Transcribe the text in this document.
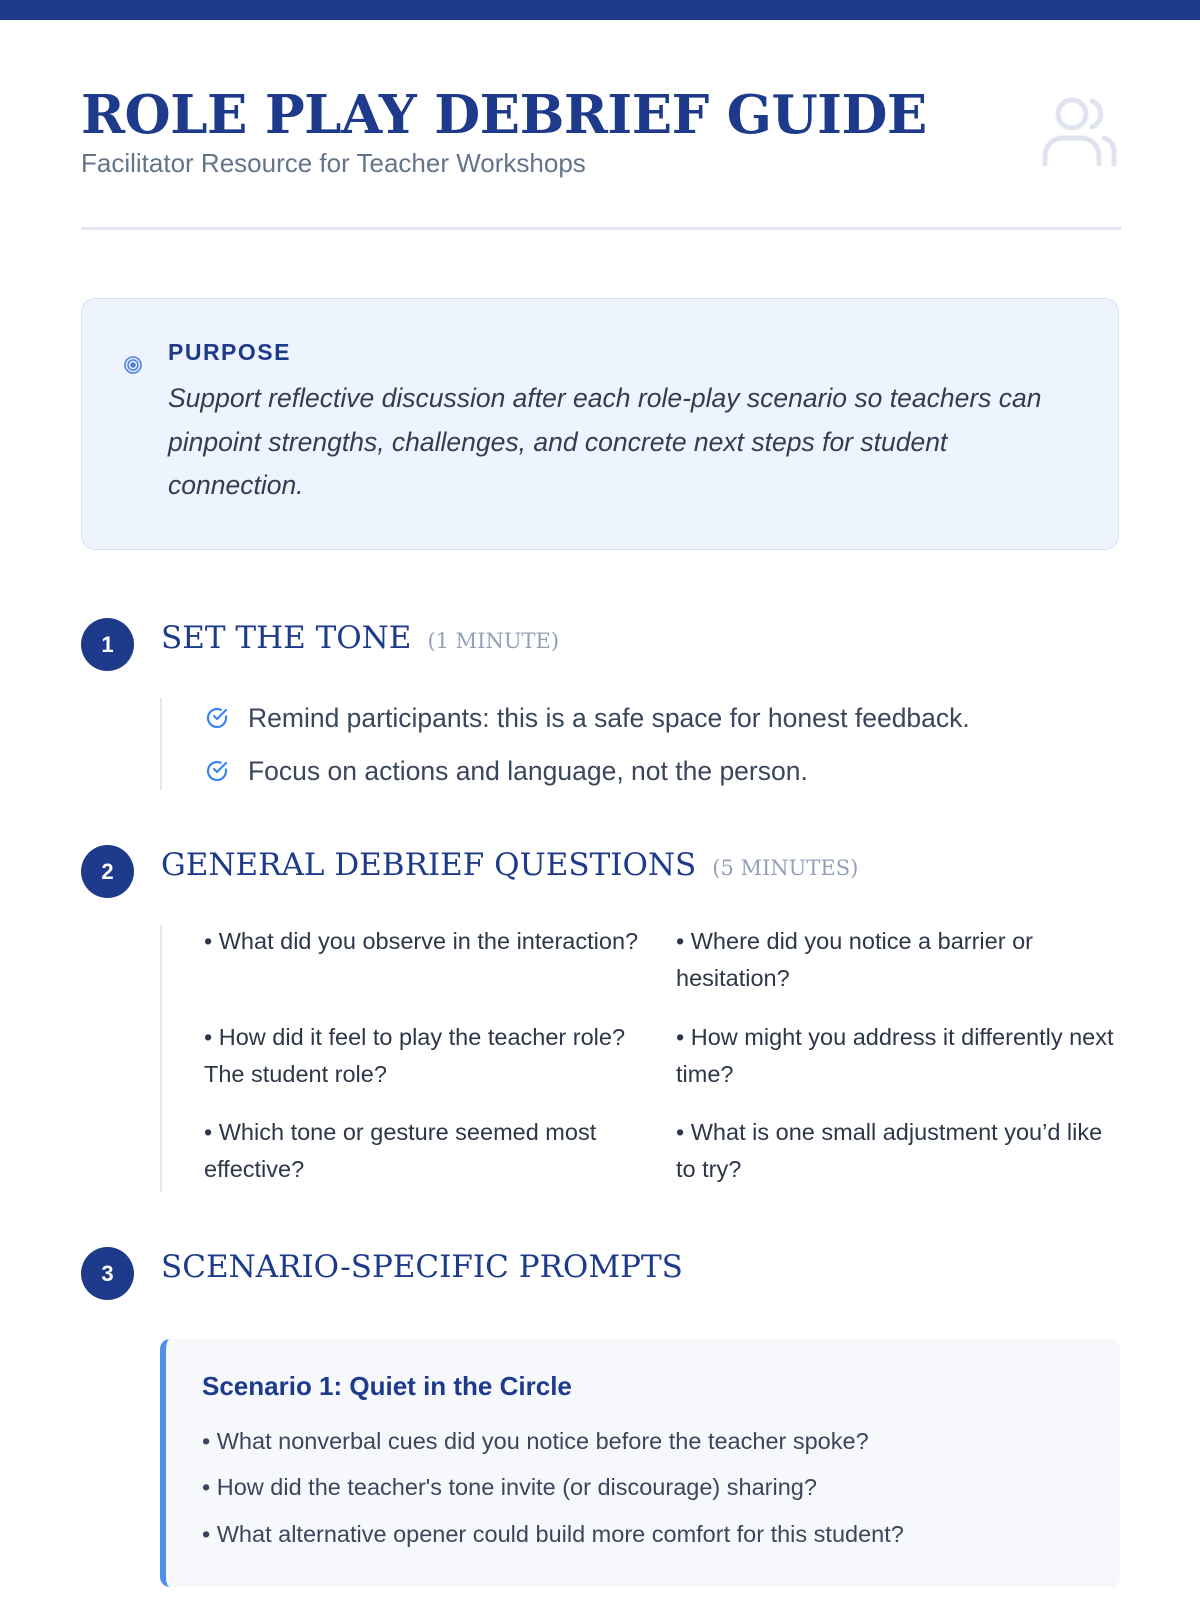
ROLE PLAY DEBRIEF GUIDE
Facilitator Resource for Teacher Workshops
PURPOSE
Support reflective discussion after each role-play scenario so teachers can pinpoint strengths, challenges, and concrete next steps for student connection.
1	SET THE TONE (1 MINUTE)
Remind participants: this is a safe space for honest feedback.
Focus on actions and language, not the person.
2	GENERAL DEBRIEF QUESTIONS (5 MINUTES)
• What did you observe in the interaction? • Where did you notice a barrier or hesitation?
• How did it feel to play the teacher role? The student role?
• How might you address it differently next time?
• Which tone or gesture seemed most effective?
• What is one small adjustment you’d like to try?
3	SCENARIO-SPECIFIC PROMPTS
Scenario 1: Quiet in the Circle
• What nonverbal cues did you notice before the teacher spoke?
• How did the teacher's tone invite (or discourage) sharing?
• What alternative opener could build more comfort for this student?
